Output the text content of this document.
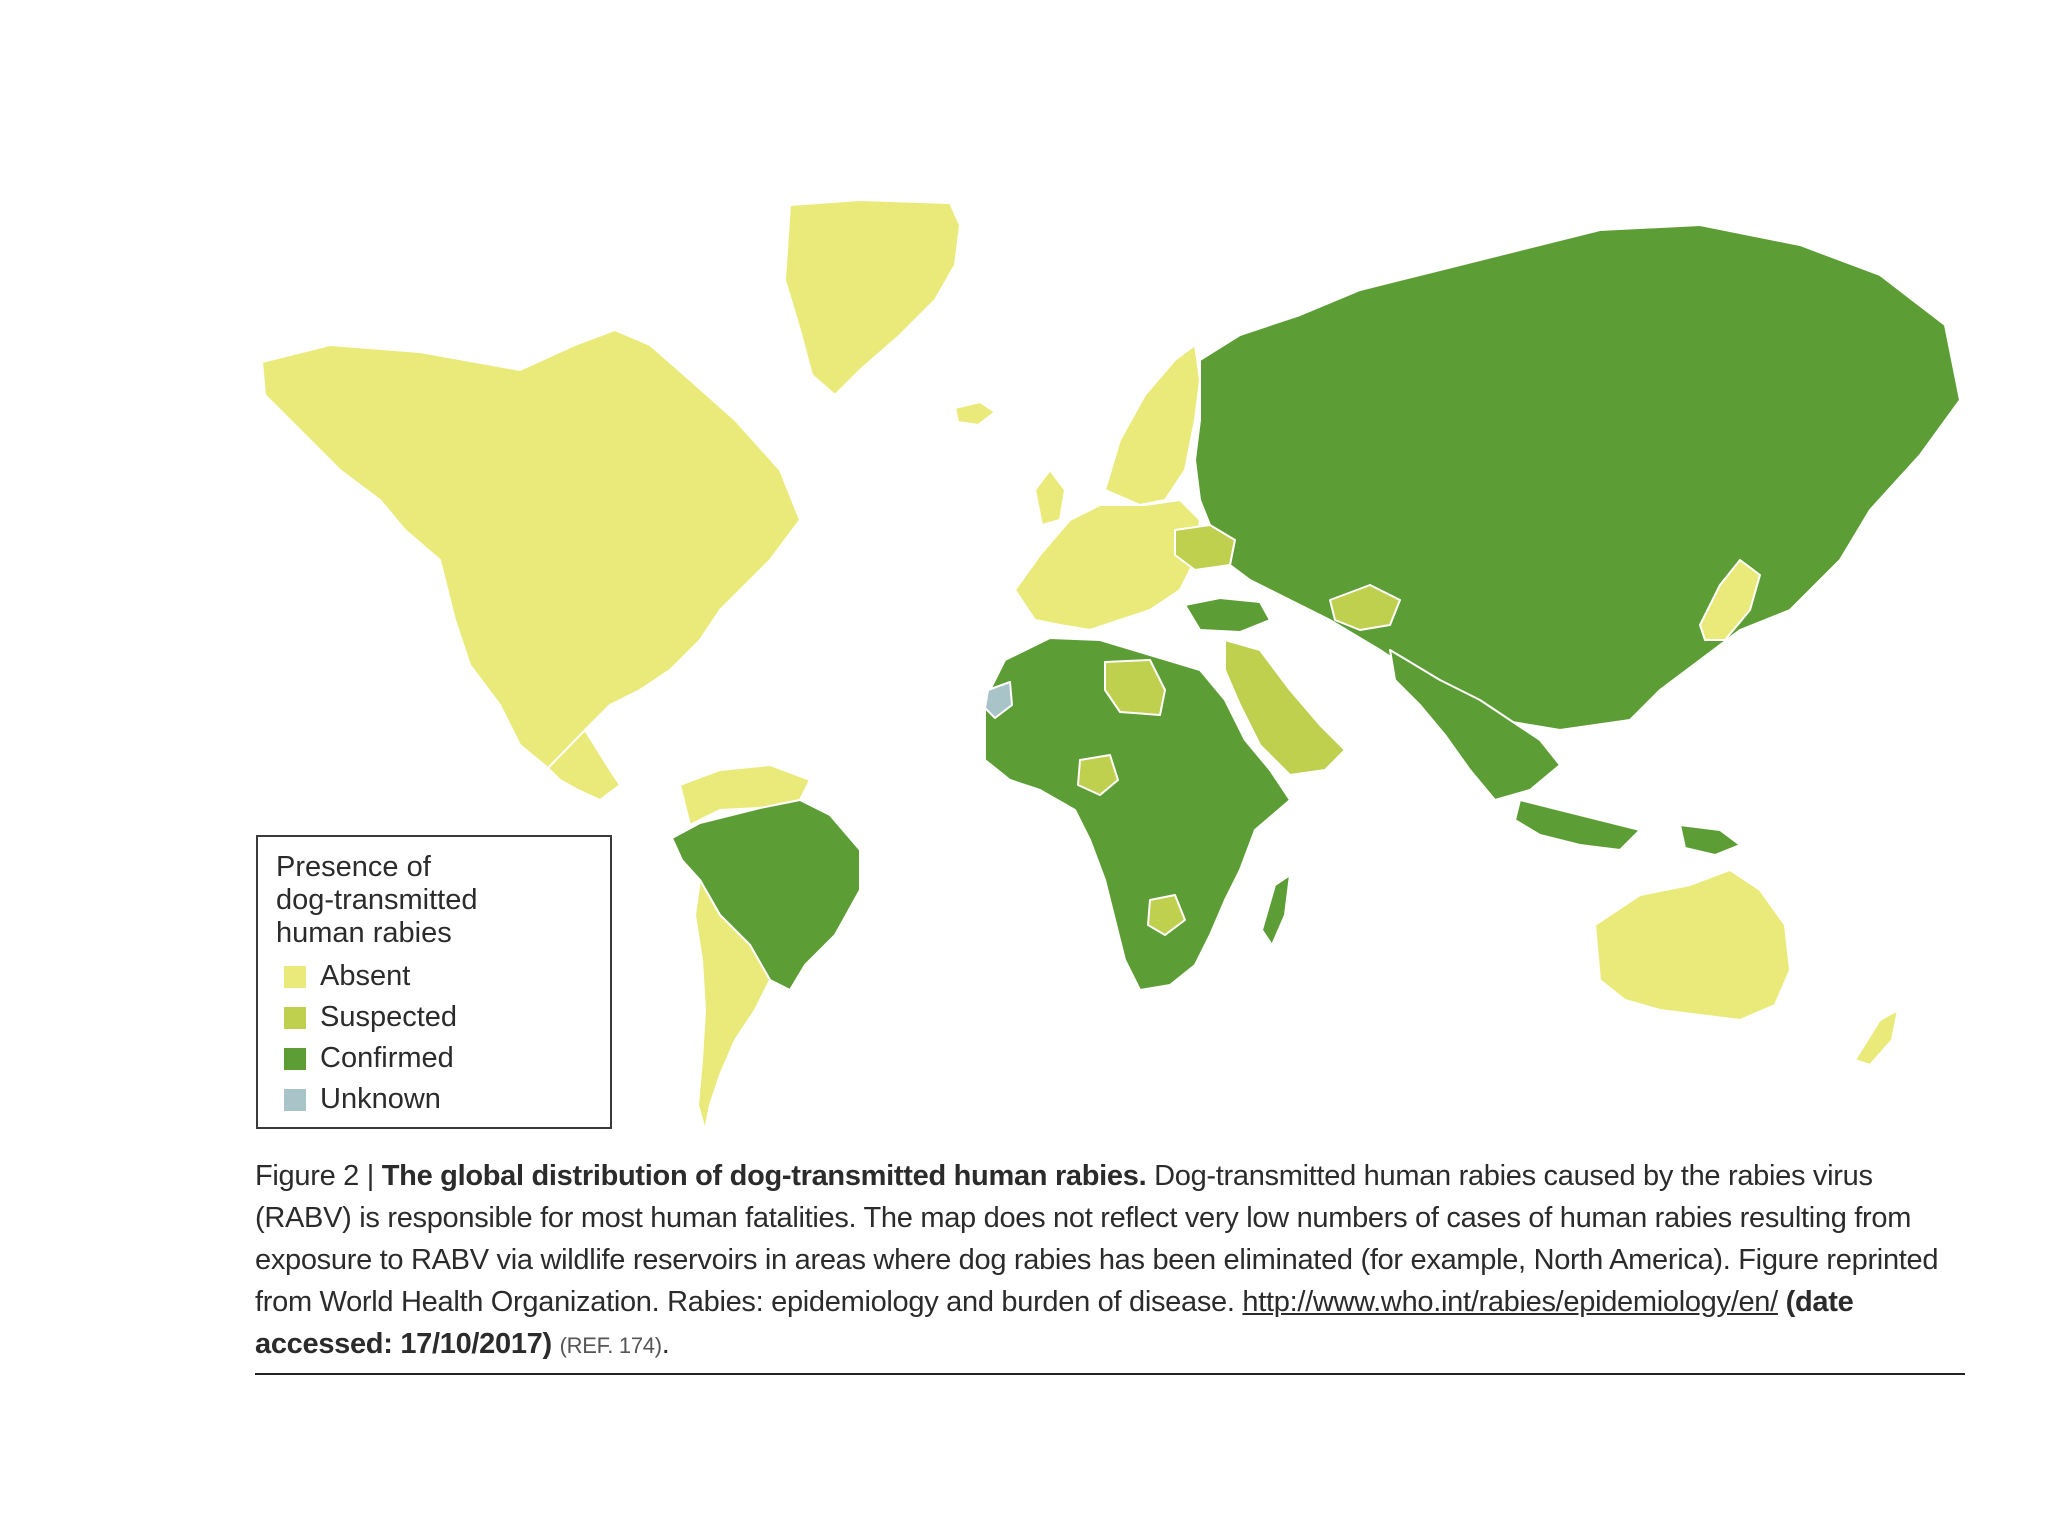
Presence of
dog-transmitted
human rabies
Absent
Suspected
Confirmed
Unknown
Figure 2 | The global distribution of dog-transmitted human rabies. Dog-transmitted human rabies caused by the rabies virus (RABV) is responsible for most human fatalities. The map does not reflect very low numbers of cases of human rabies resulting from exposure to RABV via wildlife reservoirs in areas where dog rabies has been eliminated (for example, North America). Figure reprinted from World Health Organization. Rabies: epidemiology and burden of disease. http://www.who.int/rabies/epidemiology/en/ (date accessed: 17/10/2017) (REF. 174).
